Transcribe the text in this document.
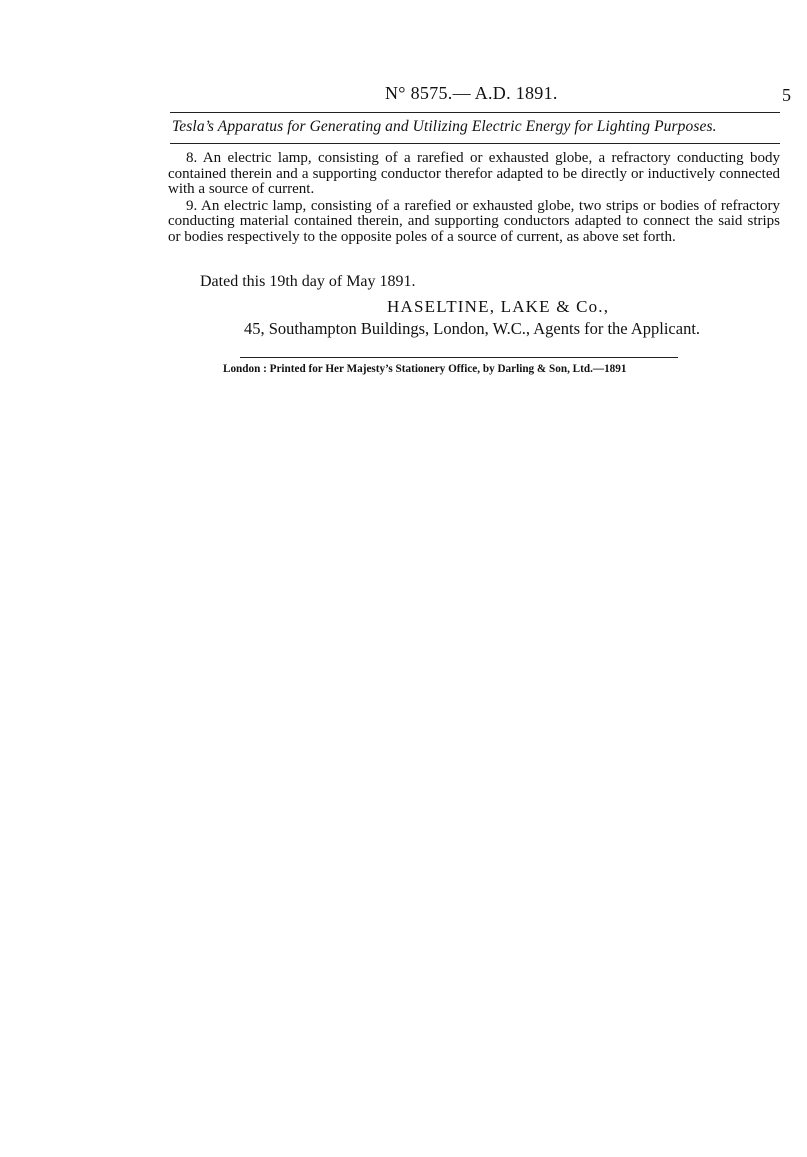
N° 8575.— A.D. 1891.	5
Tesla’s Apparatus for Generating and Utilizing Electric Energy for Lighting Purposes.

8. An electric lamp, consisting of a rarefied or exhausted globe, a refractory conducting body contained therein and a supporting conductor therefor adapted to be directly or inductively connected with a source of current.

9. An electric lamp, consisting of a rarefied or exhausted globe, two strips or bodies of refractory conducting material contained therein, and supporting conductors adapted to connect the said strips or bodies respectively to the opposite poles of a source of current, as above set forth.

Dated this 19th day of May 1891.
HASELTINE, LAKE & Co.,
45, Southampton Buildings, London, W.C., Agents for the Applicant.
London : Printed for Her Majesty’s Stationery Office, by Darling & Son, Ltd.—1891
